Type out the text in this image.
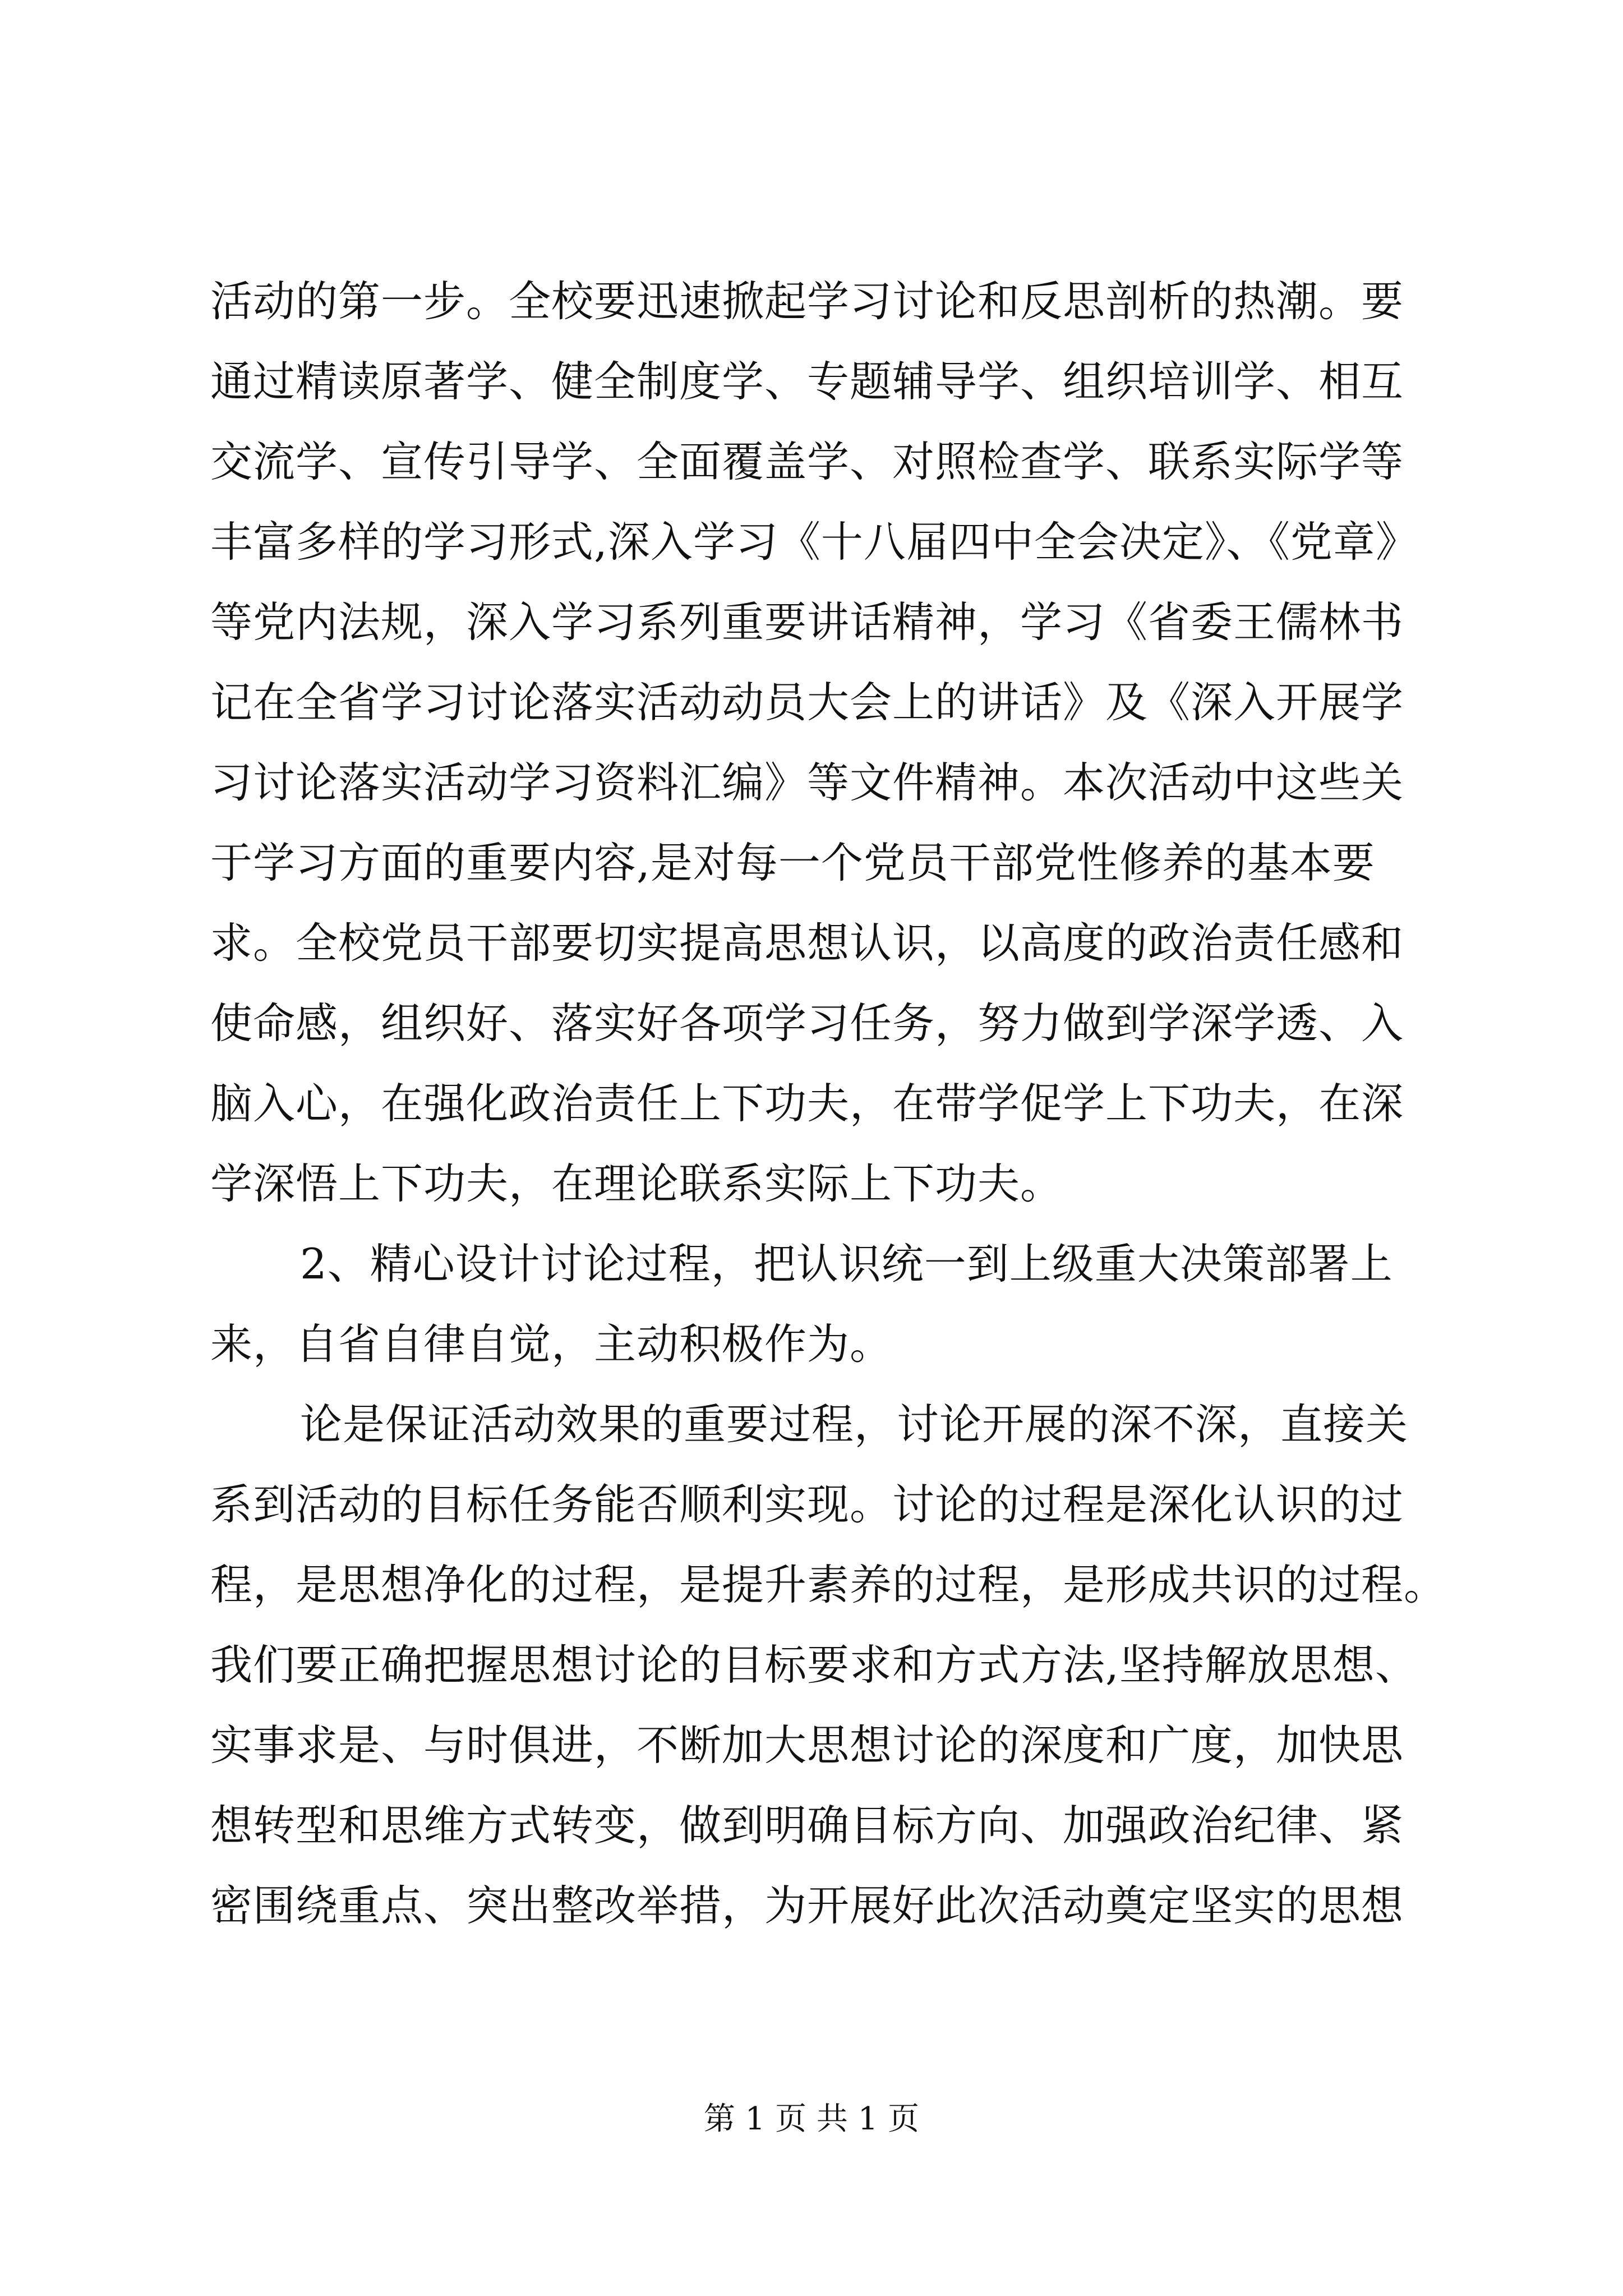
活动的第一步。全校要迅速掀起学习讨论和反思剖析的热潮。要
通过精读原著学、健全制度学、专题辅导学、组织培训学、相互
交流学、宣传引导学、全面覆盖学、对照检查学、联系实际学等
丰富多样的学习形式,深入学习《十八届四中全会决定》、《党章》
等党内法规，深入学习系列重要讲话精神，学习《省委王儒林书
记在全省学习讨论落实活动动员大会上的讲话》及《深入开展学
习讨论落实活动学习资料汇编》等文件精神。本次活动中这些关
于学习方面的重要内容,是对每一个党员干部党性修养的基本要
求。全校党员干部要切实提高思想认识，以高度的政治责任感和
使命感，组织好、落实好各项学习任务，努力做到学深学透、入
脑入心，在强化政治责任上下功夫，在带学促学上下功夫，在深
学深悟上下功夫，在理论联系实际上下功夫。
2、精心设计讨论过程，把认识统一到上级重大决策部署上
来，自省自律自觉，主动积极作为。
论是保证活动效果的重要过程，讨论开展的深不深，直接关
系到活动的目标任务能否顺利实现。讨论的过程是深化认识的过
程，是思想净化的过程，是提升素养的过程，是形成共识的过程。
我们要正确把握思想讨论的目标要求和方式方法,坚持解放思想、
实事求是、与时俱进，不断加大思想讨论的深度和广度，加快思
想转型和思维方式转变，做到明确目标方向、加强政治纪律、紧
密围绕重点、突出整改举措，为开展好此次活动奠定坚实的思想
第 1 页 共 1 页
